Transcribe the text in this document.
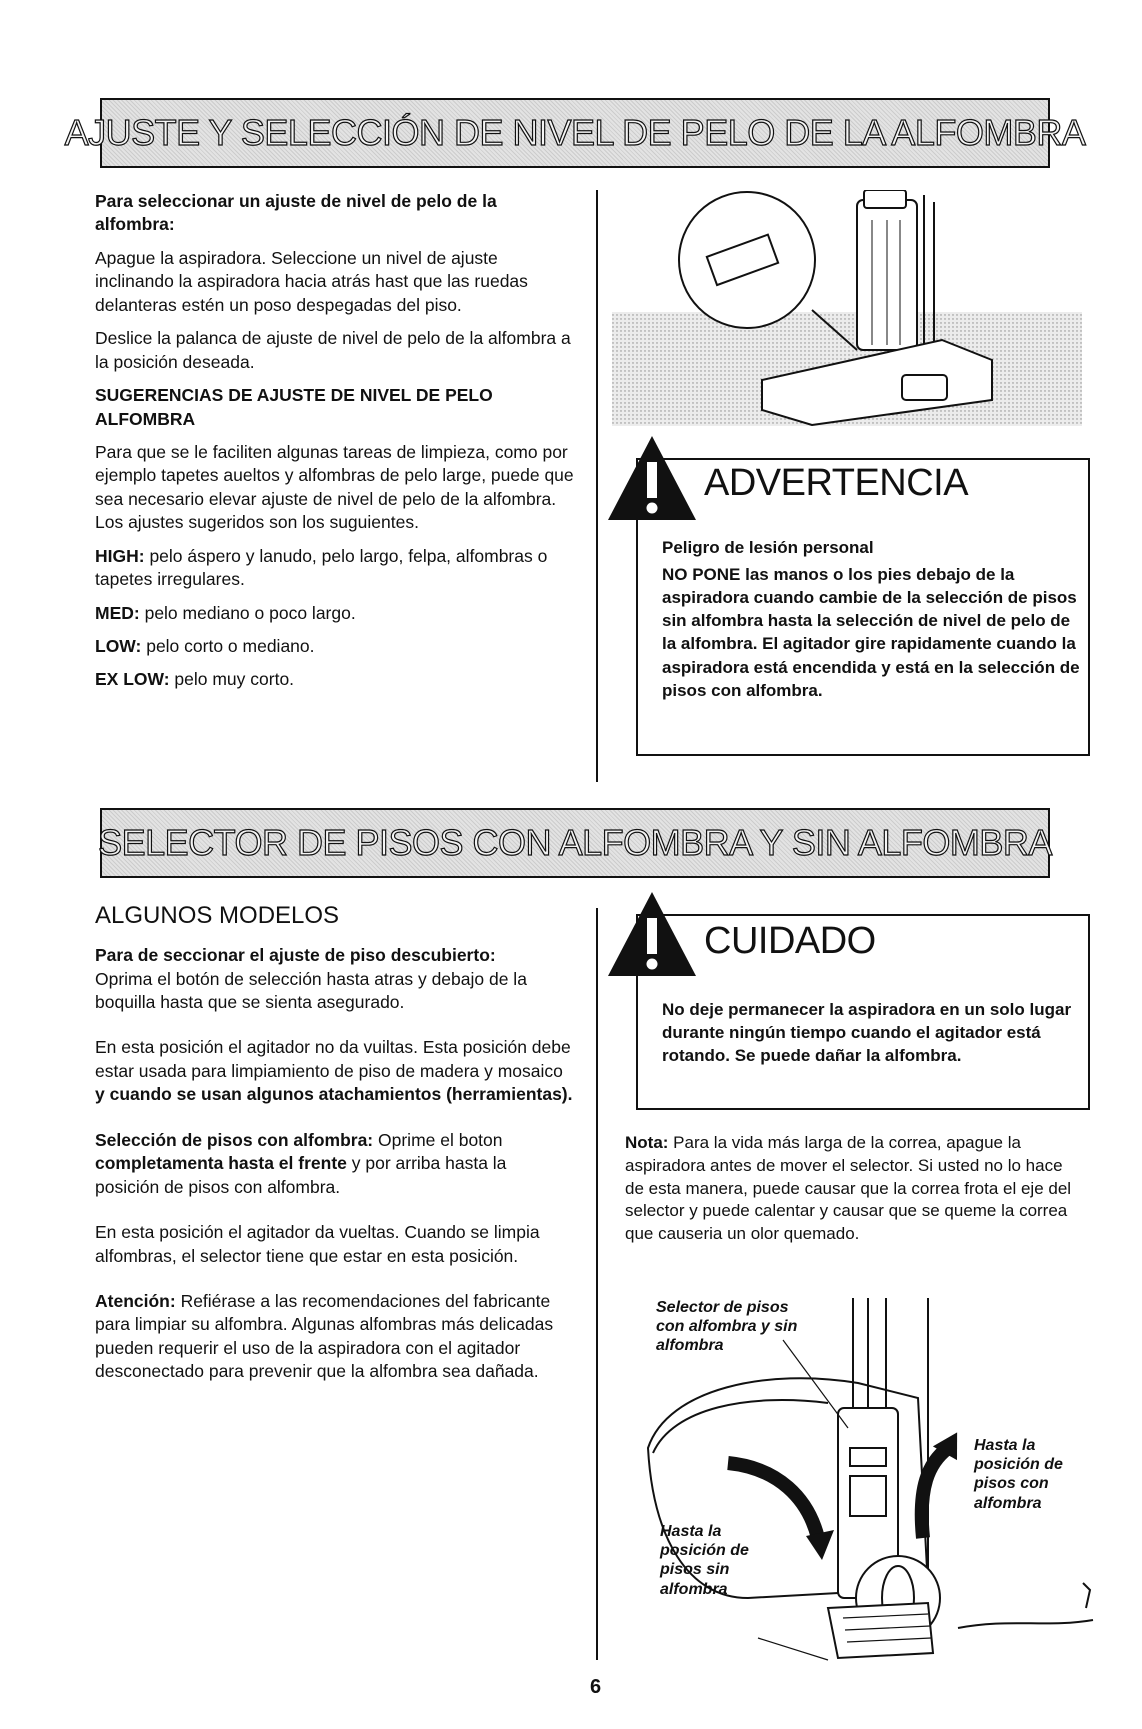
AJUSTE Y SELECCIÓN DE NIVEL DE PELO DE LA ALFOMBRA

Para seleccionar un ajuste de nivel de pelo de la alfombra:

Apague la aspiradora. Seleccione un nivel de ajuste inclinando la aspiradora hacia atrás hast que las ruedas delanteras estén un poso despegadas del piso.

Deslice la palanca de ajuste de nivel de pelo de la alfombra a la posición deseada.

SUGERENCIAS DE AJUSTE DE NIVEL DE PELO ALFOMBRA

Para que se le faciliten algunas tareas de limpieza, como por ejemplo tapetes aueltos y alfombras de pelo large, puede que sea necesario elevar ajuste de nivel de pelo de la alfombra. Los ajustes sugeridos son los suguientes.

HIGH: pelo áspero y lanudo, pelo largo, felpa, alfombras o tapetes irregulares.

MED: pelo mediano o poco largo.

LOW: pelo corto o mediano.

EX LOW: pelo muy corto.

Peligro de lesión personal

NO PONE las manos o los pies debajo de la aspiradora cuando cambie de la selección de pisos sin alfombra hasta la selección de nivel de pelo de la alfombra. El agitador gire rapidamente cuando la aspiradora está encendida y está en la selección de pisos con alfombra.

ADVERTENCIA
SELECTOR DE PISOS CON ALFOMBRA Y SIN ALFOMBRA
ALGUNOS MODELOS

Para de seccionar el ajuste de piso descubierto:
Oprima el botón de selección hasta atras y debajo de la boquilla hasta que se sienta asegurado.

En esta posición el agitador no da vuiltas. Esta posición debe estar usada para limpiamiento de piso de madera y mosaico y cuando se usan algunos atachamientos (herramientas).

Selección de pisos con alfombra: Oprime el boton completamenta hasta el frente y por arriba hasta la posición de pisos con alfombra.

En esta posición el agitador da vueltas. Cuando se limpia alfombras, el selector tiene que estar en esta posición.

Atención: Refiérase a las recomendaciones del fabricante para limpiar su alfombra. Algunas alfombras más delicadas pueden requerir el uso de la aspiradora con el agitador desconectado para prevenir que la alfombra sea dañada.

No deje permanecer la aspiradora en un solo lugar durante ningún tiempo cuando el agitador está rotando. Se puede dañar la alfombra.

CUIDADO

Nota: Para la vida más larga de la correa, apague la aspiradora antes de mover el selector. Si usted no lo hace de esta manera, puede causar que la correa frota el eje del selector y puede calentar y causar que se queme la correa que causeria un olor quemado.

Selector de pisos con alfombra y sin alfombra
Hasta la posición de pisos con alfombra
Hasta la posición de pisos sin alfombra
6
